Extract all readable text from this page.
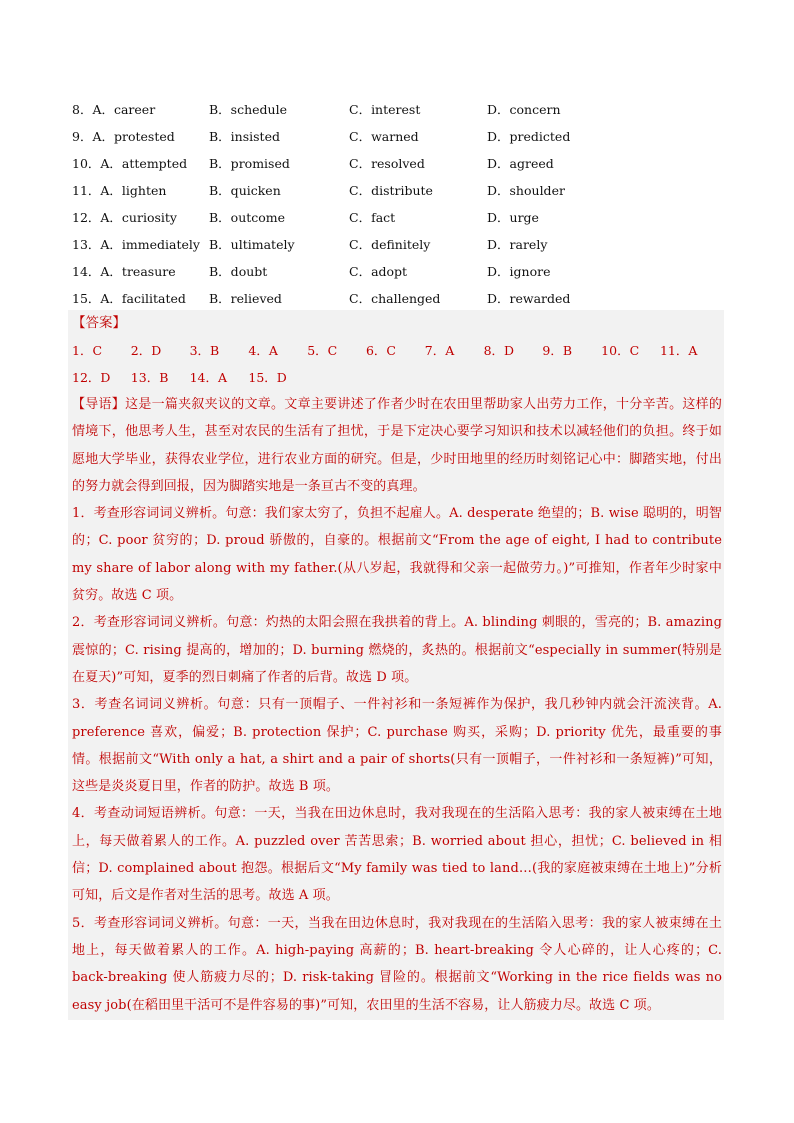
8．A．career	B．schedule	C．interest	D．concern
9．A．protested	B．insisted	C．warned	D．predicted
10．A．attempted	B．promised	C．resolved	D．agreed
11．A．lighten	B．quicken	C．distribute	D．shoulder
12．A．curiosity	B．outcome	C．fact	D．urge
13．A．immediately B．ultimately	C．definitely	D．rarely
14．A．treasure	B．doubt	C．adopt	D．ignore
15．A．facilitated	B．relieved	C．challenged	D．rewarded
【答案】
1．C	2．D	3．B	4．A	5．C	6．C	7．A	8．D	9．B	10．C	11．A
12．D	13．B	14．A	15．D
【导语】这是一篇夹叙夹议的文章。文章主要讲述了作者少时在农田里帮助家人出劳力工作，十分辛苦。这样的情境下，他思考人生，甚至对农民的生活有了担忧，于是下定决心要学习知识和技术以减轻他们的负担。终于如愿地大学毕业，获得农业学位，进行农业方面的研究。但是，少时田地里的经历时刻铭记心中：脚踏实地，付出的努力就会得到回报，因为脚踏实地是一条亘古不变的真理。
1．考查形容词词义辨析。句意：我们家太穷了，负担不起雇人。A. desperate 绝望的；B. wise 聪明的，明智的；C. poor 贫穷的；D. proud 骄傲的，自豪的。根据前文“From the age of eight, I had to contribute my share of labor along with my father.(从八岁起，我就得和父亲一起做劳力。)”可推知，作者年少时家中贫穷。故选 C 项。
2．考查形容词词义辨析。句意：灼热的太阳会照在我拱着的背上。A. blinding 刺眼的，雪亮的；B. amazing 震惊的；C. rising 提高的，增加的；D. burning 燃烧的，炙热的。根据前文“especially in summer(特别是在夏天)”可知，夏季的烈日刺痛了作者的后背。故选 D 项。
3．考查名词词义辨析。句意：只有一顶帽子、一件衬衫和一条短裤作为保护，我几秒钟内就会汗流浃背。A. preference 喜欢，偏爱；B. protection 保护；C. purchase 购买，采购；D. priority 优先，最重要的事情。根据前文“With only a hat, a shirt and a pair of shorts(只有一顶帽子，一件衬衫和一条短裤)”可知，这些是炎炎夏日里，作者的防护。故选 B 项。
4．考查动词短语辨析。句意：一天，当我在田边休息时，我对我现在的生活陷入思考：我的家人被束缚在土地上，每天做着累人的工作。A. puzzled over 苦苦思索；B. worried about 担心，担忧；C. believed in 相信；D. complained about 抱怨。根据后文“My family was tied to land…(我的家庭被束缚在土地上)”分析可知，后文是作者对生活的思考。故选 A 项。
5．考查形容词词义辨析。句意：一天，当我在田边休息时，我对我现在的生活陷入思考：我的家人被束缚在土地上，每天做着累人的工作。A. high-paying 高薪的；B. heart-breaking 令人心碎的，让人心疼的；C. back-breaking 使人筋疲力尽的；D. risk-taking 冒险的。根据前文“Working in the rice fields was no easy job(在稻田里干活可不是件容易的事)”可知，农田里的生活不容易，让人筋疲力尽。故选 C 项。
